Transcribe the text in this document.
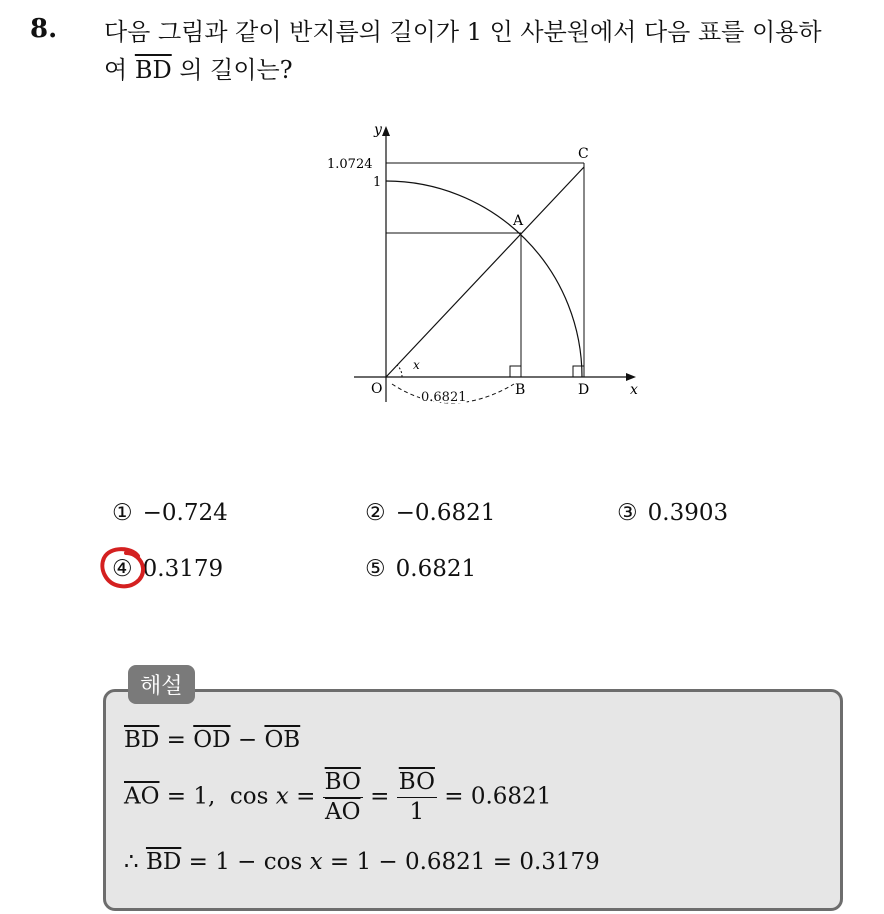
8. 다음 그림과 같이 반지름의 길이가 1 인 사분원에서 다음 표를 이용하
여 $\overline{BD}$ 의 길이는?
y
x
1.0724
1
C
A
O	B	D
x
0.6821
① −0.724	② −0.6821	③ 0.3903
④ 0.3179	⑤ 0.6821
해설
$\overline{BD} = \overline{OD} - \overline{OB}$
$\overline{AO} = 1$,  $\cos x = \frac{\overline{BO}}{AO} = \frac{\overline{BO}}{1} = 0.6821$
∴ $\overline{BD} = 1 - \cos x = 1 - 0.6821 = 0.3179$
